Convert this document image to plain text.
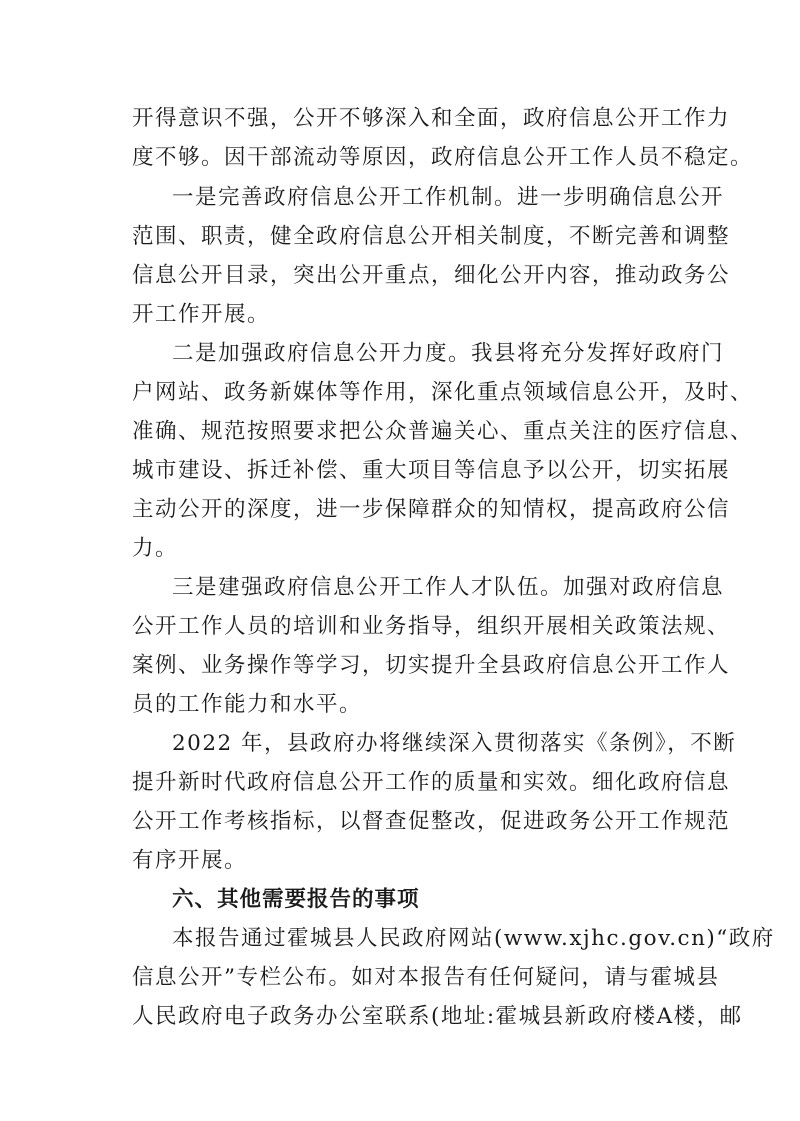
开得意识不强，公开不够深入和全面，政府信息公开工作力
度不够。因干部流动等原因，政府信息公开工作人员不稳定。
一是完善政府信息公开工作机制。进一步明确信息公开
范围、职责，健全政府信息公开相关制度，不断完善和调整
信息公开目录，突出公开重点，细化公开内容，推动政务公
开工作开展。
二是加强政府信息公开力度。我县将充分发挥好政府门
户网站、政务新媒体等作用，深化重点领域信息公开，及时、
准确、规范按照要求把公众普遍关心、重点关注的医疗信息、
城市建设、拆迁补偿、重大项目等信息予以公开，切实拓展
主动公开的深度，进一步保障群众的知情权，提高政府公信
力。
三是建强政府信息公开工作人才队伍。加强对政府信息
公开工作人员的培训和业务指导，组织开展相关政策法规、
案例、业务操作等学习，切实提升全县政府信息公开工作人
员的工作能力和水平。
2022 年，县政府办将继续深入贯彻落实《条例》，不断
提升新时代政府信息公开工作的质量和实效。细化政府信息
公开工作考核指标，以督查促整改，促进政务公开工作规范
有序开展。
六、其他需要报告的事项
本报告通过霍城县人民政府网站(www.xjhc.gov.cn)“政府
信息公开”专栏公布。如对本报告有任何疑问，请与霍城县
人民政府电子政务办公室联系(地址:霍城县新政府楼A楼，邮
